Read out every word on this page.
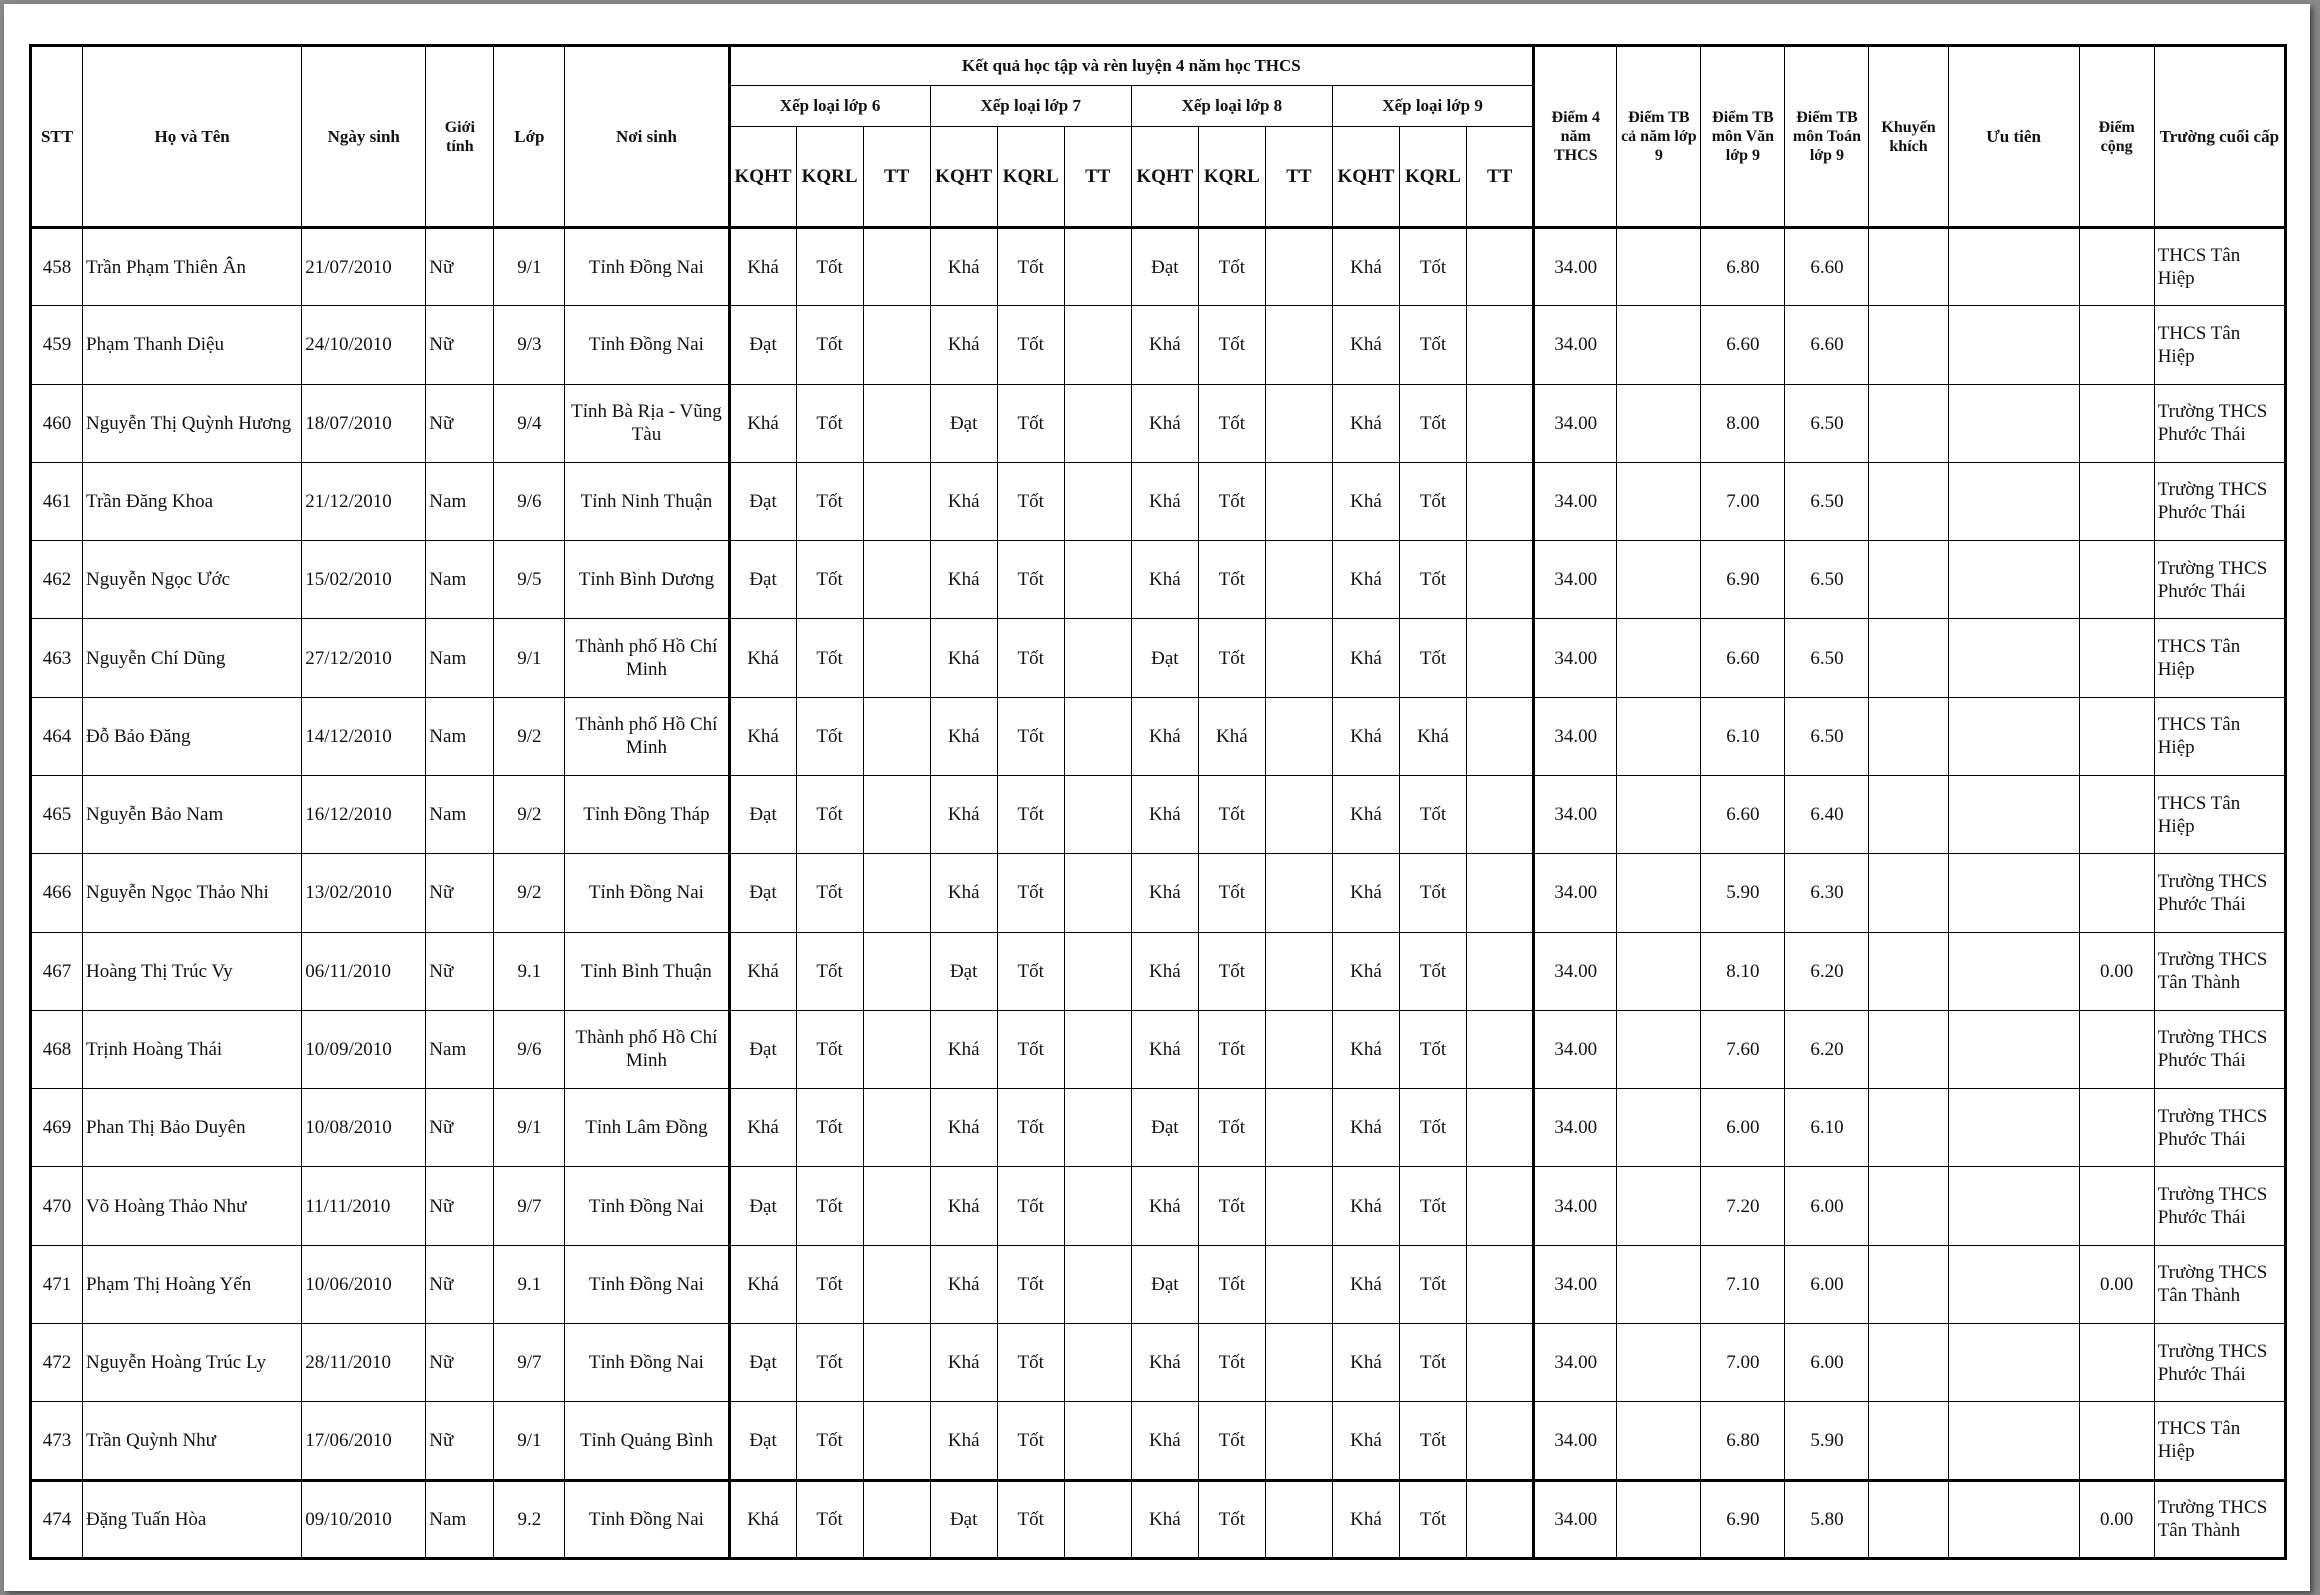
STT	Họ và Tên	Ngày sinh	Giới tính	Lớp	Nơi sinh	Kết quả học tập và rèn luyện 4 năm học THCS												Điểm 4 năm THCS	Điểm TB cả năm lớp 9	Điểm TB môn Văn lớp 9	Điểm TB môn Toán lớp 9	Khuyến khích	Ưu tiên	Điểm cộng	Trường cuối cấp
						Xếp loại lớp 6			Xếp loại lớp 7			Xếp loại lớp 8			Xếp loại lớp 9										
						KQHT	KQRL	TT	KQHT	KQRL	TT	KQHT	KQRL	TT	KQHT	KQRL	TT								
458	Trần Phạm Thiên Ân	21/07/2010	Nữ	9/1	Tỉnh Đồng Nai	Khá	Tốt		Khá	Tốt		Đạt	Tốt		Khá	Tốt		34.00		6.80	6.60				THCS Tân Hiệp
459	Phạm Thanh Diệu	24/10/2010	Nữ	9/3	Tỉnh Đồng Nai	Đạt	Tốt		Khá	Tốt		Khá	Tốt		Khá	Tốt		34.00		6.60	6.60				THCS Tân Hiệp
460	Nguyễn Thị Quỳnh Hương	18/07/2010	Nữ	9/4	Tỉnh Bà Rịa - Vũng Tàu	Khá	Tốt		Đạt	Tốt		Khá	Tốt		Khá	Tốt		34.00		8.00	6.50				Trường THCS Phước Thái
461	Trần Đăng Khoa	21/12/2010	Nam	9/6	Tỉnh Ninh Thuận	Đạt	Tốt		Khá	Tốt		Khá	Tốt		Khá	Tốt		34.00		7.00	6.50				Trường THCS Phước Thái
462	Nguyễn Ngọc Ước	15/02/2010	Nam	9/5	Tỉnh Bình Dương	Đạt	Tốt		Khá	Tốt		Khá	Tốt		Khá	Tốt		34.00		6.90	6.50				Trường THCS Phước Thái
463	Nguyễn Chí Dũng	27/12/2010	Nam	9/1	Thành phố Hồ Chí Minh	Khá	Tốt		Khá	Tốt		Đạt	Tốt		Khá	Tốt		34.00		6.60	6.50				THCS Tân Hiệp
464	Đỗ Bảo Đăng	14/12/2010	Nam	9/2	Thành phố Hồ Chí Minh	Khá	Tốt		Khá	Tốt		Khá	Khá		Khá	Khá		34.00		6.10	6.50				THCS Tân Hiệp
465	Nguyễn Bảo Nam	16/12/2010	Nam	9/2	Tỉnh Đồng Tháp	Đạt	Tốt		Khá	Tốt		Khá	Tốt		Khá	Tốt		34.00		6.60	6.40				THCS Tân Hiệp
466	Nguyễn Ngọc Thảo Nhi	13/02/2010	Nữ	9/2	Tỉnh Đồng Nai	Đạt	Tốt		Khá	Tốt		Khá	Tốt		Khá	Tốt		34.00		5.90	6.30				Trường THCS Phước Thái
467	Hoàng Thị Trúc Vy	06/11/2010	Nữ	9.1	Tỉnh Bình Thuận	Khá	Tốt		Đạt	Tốt		Khá	Tốt		Khá	Tốt		34.00		8.10	6.20			0.00	Trường THCS Tân Thành
468	Trịnh Hoàng Thái	10/09/2010	Nam	9/6	Thành phố Hồ Chí Minh	Đạt	Tốt		Khá	Tốt		Khá	Tốt		Khá	Tốt		34.00		7.60	6.20				Trường THCS Phước Thái
469	Phan Thị Bảo Duyên	10/08/2010	Nữ	9/1	Tỉnh Lâm Đồng	Khá	Tốt		Khá	Tốt		Đạt	Tốt		Khá	Tốt		34.00		6.00	6.10				Trường THCS Phước Thái
470	Võ Hoàng Thảo Như	11/11/2010	Nữ	9/7	Tỉnh Đồng Nai	Đạt	Tốt		Khá	Tốt		Khá	Tốt		Khá	Tốt		34.00		7.20	6.00				Trường THCS Phước Thái
471	Phạm Thị Hoàng Yến	10/06/2010	Nữ	9.1	Tỉnh Đồng Nai	Khá	Tốt		Khá	Tốt		Đạt	Tốt		Khá	Tốt		34.00		7.10	6.00			0.00	Trường THCS Tân Thành
472	Nguyễn Hoàng Trúc Ly	28/11/2010	Nữ	9/7	Tỉnh Đồng Nai	Đạt	Tốt		Khá	Tốt		Khá	Tốt		Khá	Tốt		34.00		7.00	6.00				Trường THCS Phước Thái
473	Trần Quỳnh Như	17/06/2010	Nữ	9/1	Tỉnh Quảng Bình	Đạt	Tốt		Khá	Tốt		Khá	Tốt		Khá	Tốt		34.00		6.80	5.90				THCS Tân Hiệp
474	Đặng Tuấn Hòa	09/10/2010	Nam	9.2	Tỉnh Đồng Nai	Khá	Tốt		Đạt	Tốt		Khá	Tốt		Khá	Tốt		34.00		6.90	5.80			0.00	Trường THCS Tân Thành
